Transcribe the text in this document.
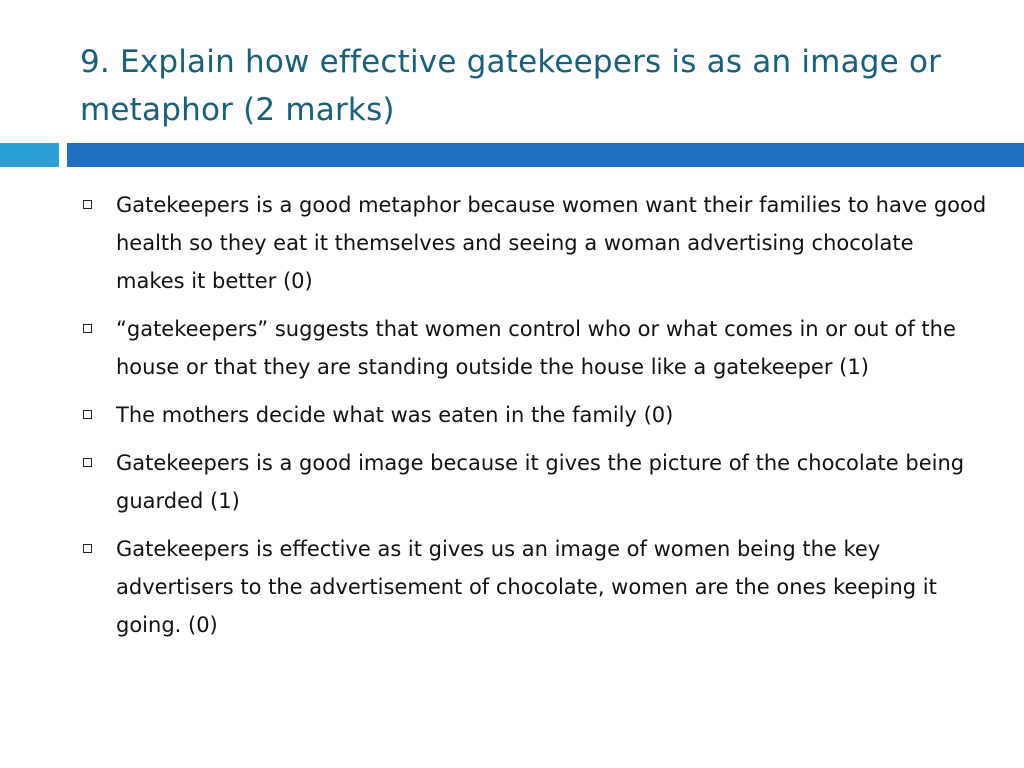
9. Explain how effective gatekeepers is as an image or metaphor (2 marks)
Gatekeepers is a good metaphor because women want their families to have good health so they eat it themselves and seeing a woman advertising chocolate makes it better (0)
“gatekeepers” suggests that women control who or what comes in or out of the house or that they are standing outside the house like a gatekeeper (1)
The mothers decide what was eaten in the family (0)
Gatekeepers is a good image because it gives the picture of the chocolate being guarded (1)
Gatekeepers is effective as it gives us an image of women being the key advertisers to the advertisement of chocolate, women are the ones keeping it going. (0)
